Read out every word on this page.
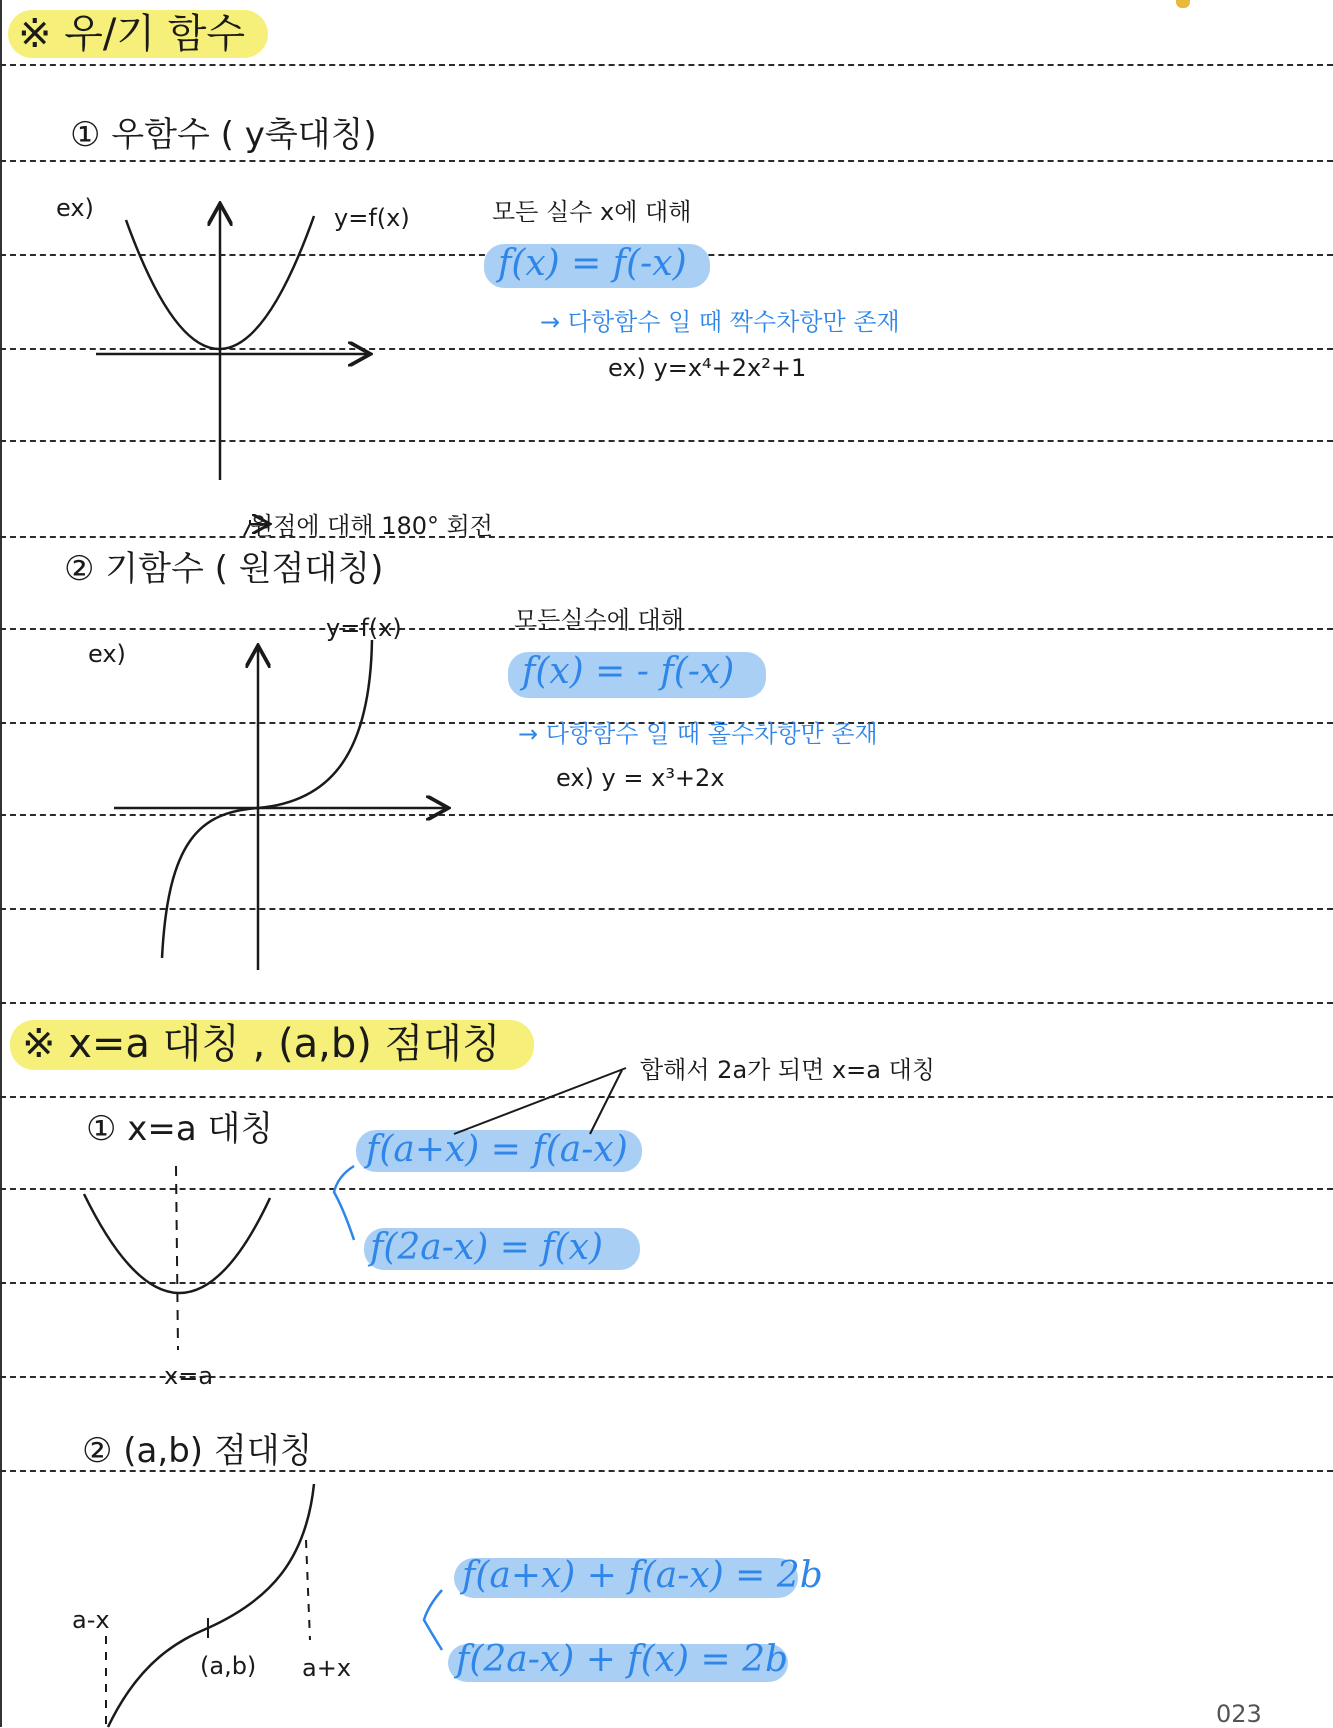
※ 우/기 함수
① 우함수 ( y축대칭)
ex)	y=f(x)	모든 실수 x에 대해
f(x) = f(-x)
→ 다항함수 일 때 짝수차항만 존재
ex) y=x⁴+2x²+1
원점에 대해 180° 회전
② 기함수 ( 원점대칭)
ex)
y=f(x)	모든실수에 대해
f(x) = - f(-x)
→ 다항함수 일 때 홀수차항만 존재
ex) y = x³+2x
※ x=a 대칭 , (a,b) 점대칭
합해서 2a가 되면 x=a 대칭
① x=a 대칭	f(a+x) = f(a-x)
f(2a-x) = f(x)
x=a
② (a,b) 점대칭
f(a+x) + f(a-x) = 2b
f(2a-x) + f(x) = 2b
a-x
(a,b) a+x
023
